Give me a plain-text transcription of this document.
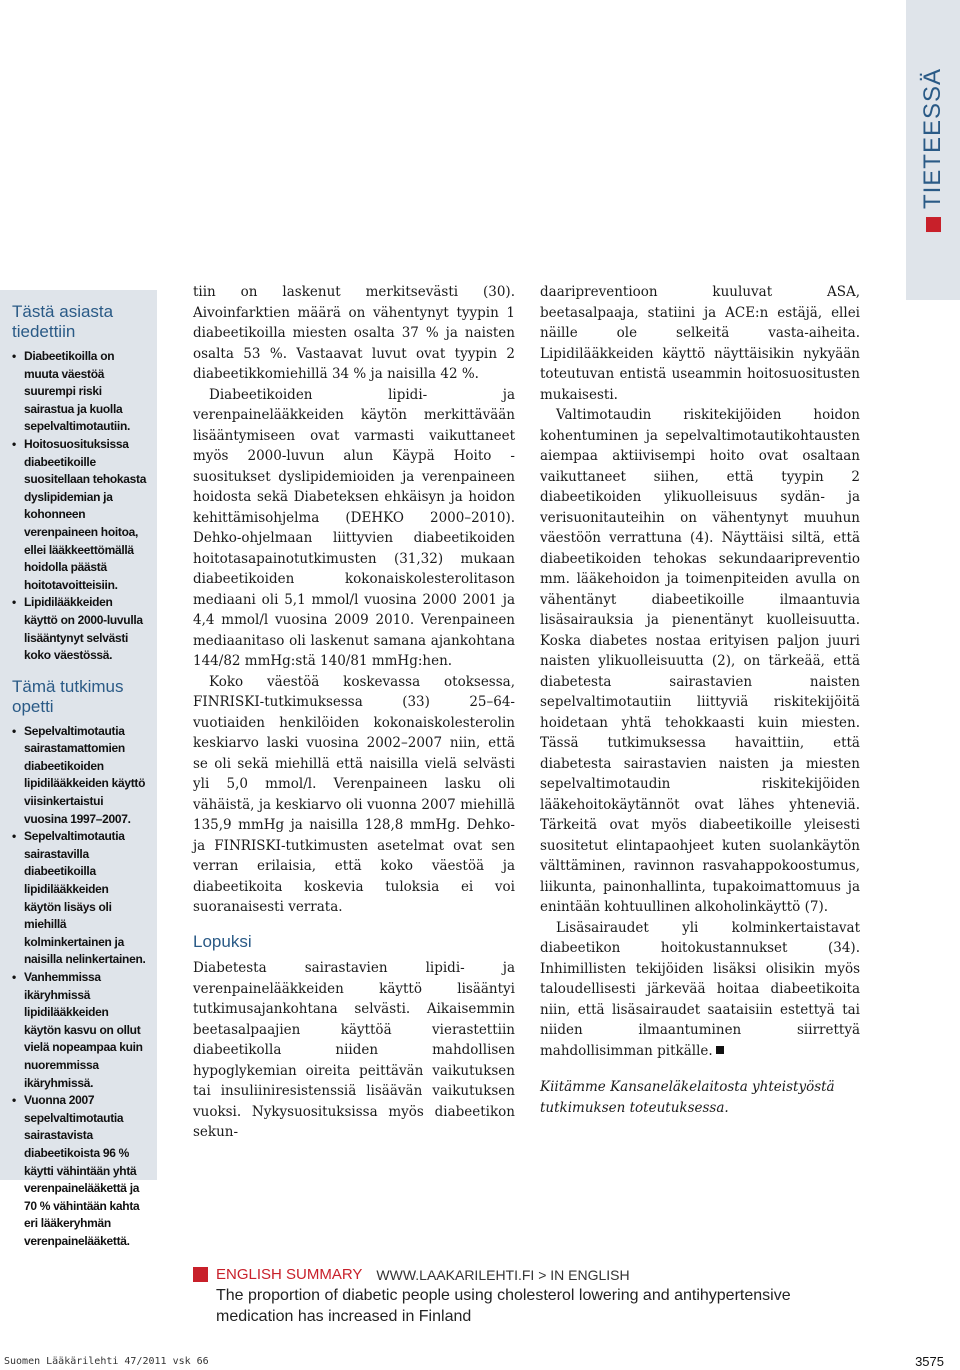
TIETEESSÄ
Tästä asiasta tiedettiin
• Diabeetikoilla on muuta väestöä suurempi riski sairastua ja kuolla sepelvaltimotautiin.
• Hoitosuosituksissa diabeetikoille suositellaan tehokasta dyslipidemian ja kohonneen verenpaineen hoitoa, ellei lääkkeettömällä hoidolla päästä hoitotavoitteisiin.
• Lipidilääkkeiden käyttö on 2000-luvulla lisääntynyt selvästi koko väestössä.
Tämä tutkimus opetti
• Sepelvaltimotautia sairastamattomien diabeetikoiden lipidilääkkeiden käyttö viisinkertaistui vuosina 1997–2007.
• Sepelvaltimotautia sairastavilla diabeetikoilla lipidilääkkeiden käytön lisäys oli miehillä kolminkertainen ja naisilla nelinkertainen.
• Vanhemmissa ikäryhmissä lipidilääkkeiden käytön kasvu on ollut vielä nopeampaa kuin nuoremmissa ikäryhmissä.
• Vuonna 2007 sepelvaltimotautia sairastavista diabeetikoista 96 % käytti vähintään yhtä verenpainelääkettä ja 70 % vähintään kahta eri lääkeryhmän verenpainelääkettä.

tiin on laskenut merkitsevästi (30). Aivoinfarktien määrä on vähentynyt tyypin 1 diabeetikoilla miesten osalta 37 % ja naisten osalta 53 %. Vastaavat luvut ovat tyypin 2 diabeetikkomiehillä 34 % ja naisilla 42 %.

Diabeetikoiden lipidi- ja verenpainelääkkeiden käytön merkittävään lisääntymiseen ovat varmasti vaikuttaneet myös 2000-luvun alun Käypä Hoito -suositukset dyslipidemioiden ja verenpaineen hoidosta sekä Diabeteksen ehkäisyn ja hoidon kehittämisohjelma (DEHKO 2000–2010). Dehko-ohjelmaan liittyvien diabeetikoiden hoitotasapainotutkimusten (31,32) mukaan diabeetikoiden kokonaiskolesterolitason mediaani oli 5,1 mmol/l vuosina 2000 2001 ja 4,4 mmol/l vuosina 2009 2010. Verenpaineen mediaanitaso oli laskenut samana ajankohtana 144/82 mmHg:stä 140/81 mmHg:hen.

Koko väestöä koskevassa otoksessa, FINRISKI-tutkimuksessa (33) 25–64-vuotiaiden henkilöiden kokonaiskolesterolin keskiarvo laski vuosina 2002–2007 niin, että se oli sekä miehillä että naisilla vielä selvästi yli 5,0 mmol/l. Verenpaineen lasku oli vähäistä, ja keskiarvo oli vuonna 2007 miehillä 135,9 mmHg ja naisilla 128,8 mmHg. Dehko- ja FINRISKI-tutkimusten asetelmat ovat sen verran erilaisia, että koko väestöä ja diabeetikoita koskevia tuloksia ei voi suoranaisesti verrata.

Lopuksi

Diabetesta sairastavien lipidi- ja verenpainelääkkeiden käyttö lisääntyi tutkimusajankohtana selvästi. Aikaisemmin beetasalpaajien käyttöä vierastettiin diabeetikolla niiden mahdollisen hypoglykemian oireita peittävän vaikutuksen tai insuliiniresistenssiä lisäävän vaikutuksen vuoksi. Nykysuosituksissa myös diabeetikon sekun-

daaripreventioon kuuluvat ASA, beetasalpaaja, statiini ja ACE:n estäjä, ellei näille ole selkeitä vasta-aiheita. Lipidilääkkeiden käyttö näyttäisikin nykyään toteutuvan entistä useammin hoitosuositusten mukaisesti.

Valtimotaudin riskitekijöiden hoidon kohentuminen ja sepelvaltimotautikohtausten aiempaa aktiivisempi hoito ovat osaltaan vaikuttaneet siihen, että tyypin 2 diabeetikoiden ylikuolleisuus sydän- ja verisuonitauteihin on vähentynyt muuhun väestöön verrattuna (4). Näyttäisi siltä, että diabeetikoiden tehokas sekundaaripreventio mm. lääkehoidon ja toimenpiteiden avulla on vähentänyt diabeetikoille ilmaantuvia lisäsairauksia ja pienentänyt kuolleisuutta. Koska diabetes nostaa erityisen paljon juuri naisten ylikuolleisuutta (2), on tärkeää, että diabetesta sairastavien naisten sepelvaltimotautiin liittyviä riskitekijöitä hoidetaan yhtä tehokkaasti kuin miesten. Tässä tutkimuksessa havaittiin, että diabetesta sairastavien naisten ja miesten sepelvaltimotaudin riskitekijöiden lääkehoitokäytännöt ovat lähes yhteneviä. Tärkeitä ovat myös diabeetikoille yleisesti suositetut elintapaohjeet kuten suolankäytön välttäminen, ravinnon rasvahappokoostumus, liikunta, painonhallinta, tupakoimattomuus ja enintään kohtuullinen alkoholinkäyttö (7).

Lisäsairaudet yli kolminkertaistavat diabeetikon hoitokustannukset (34). Inhimillisten tekijöiden lisäksi olisikin myös taloudellisesti järkevää hoitaa diabeetikoita niin, että lisäsairaudet saataisiin estettyä tai niiden ilmaantuminen siirrettyä mahdollisimman pitkälle.

Kiitämme Kansaneläkelaitosta yhteistyöstä tutkimuksen toteutuksessa.

ENGLISH SUMMARY WWW.LAAKARILEHTI.FI > IN ENGLISH
The proportion of diabetic people using cholesterol lowering and antihypertensive medication has increased in Finland
Suomen Lääkärilehti 47/2011 vsk 66	3575
